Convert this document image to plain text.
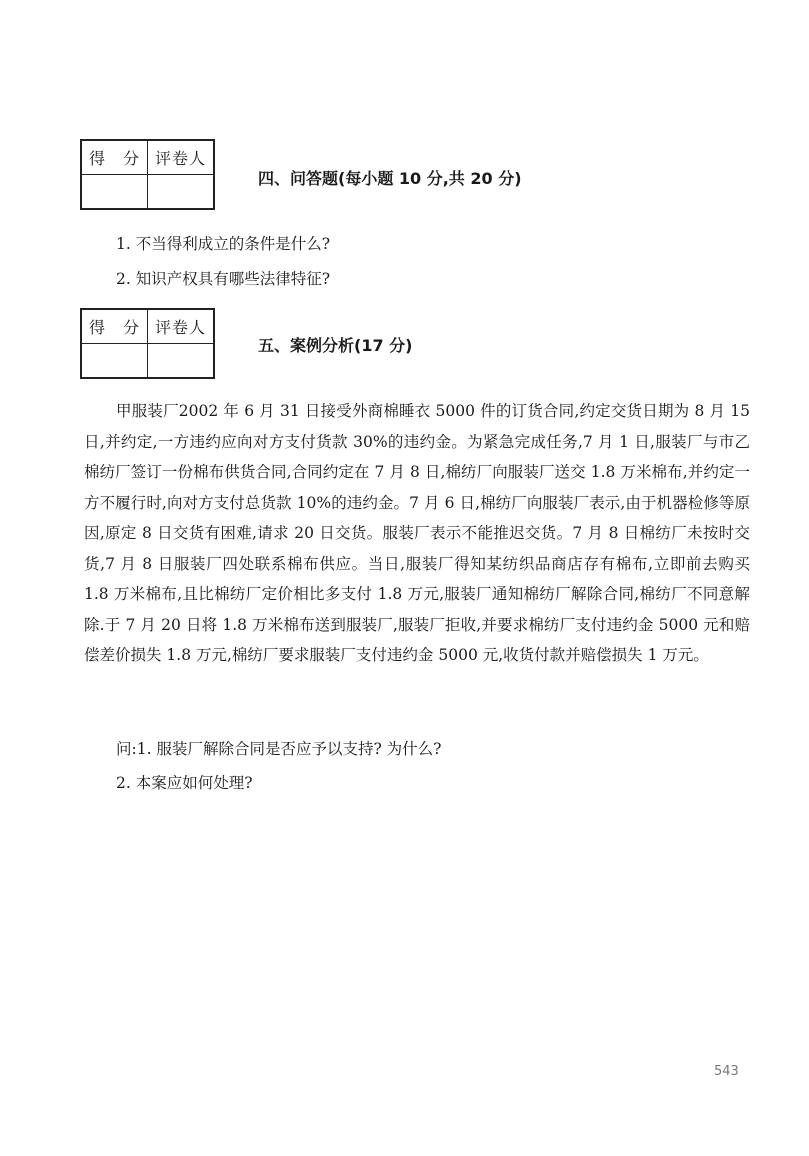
得　分	评卷人

四、问答题(每小题 10 分,共 20 分)
1. 不当得利成立的条件是什么?
2. 知识产权具有哪些法律特征?
得　分	评卷人

五、案例分析(17 分)
甲服装厂2002 年 6 月 31 日接受外商棉睡衣 5000 件的订货合同,约定交货日期为 8 月 15 日,并约定,一方违约应向对方支付货款 30%的违约金。为紧急完成任务,7 月 1 日,服装厂与市乙棉纺厂签订一份棉布供货合同,合同约定在 7 月 8 日,棉纺厂向服装厂送交 1.8 万米棉布,并约定一方不履行时,向对方支付总货款 10%的违约金。7 月 6 日,棉纺厂向服装厂表示,由于机器检修等原因,原定 8 日交货有困难,请求 20 日交货。服装厂表示不能推迟交货。7 月 8 日棉纺厂未按时交货,7 月 8 日服装厂四处联系棉布供应。当日,服装厂得知某纺织品商店存有棉布,立即前去购买 1.8 万米棉布,且比棉纺厂定价相比多支付 1.8 万元,服装厂通知棉纺厂解除合同,棉纺厂不同意解除.于 7 月 20 日将 1.8 万米棉布送到服装厂,服装厂拒收,并要求棉纺厂支付违约金 5000 元和赔偿差价损失 1.8 万元,棉纺厂要求服装厂支付违约金 5000 元,收货付款并赔偿损失 1 万元。
问:1. 服装厂解除合同是否应予以支持? 为什么?
2. 本案应如何处理?
543
